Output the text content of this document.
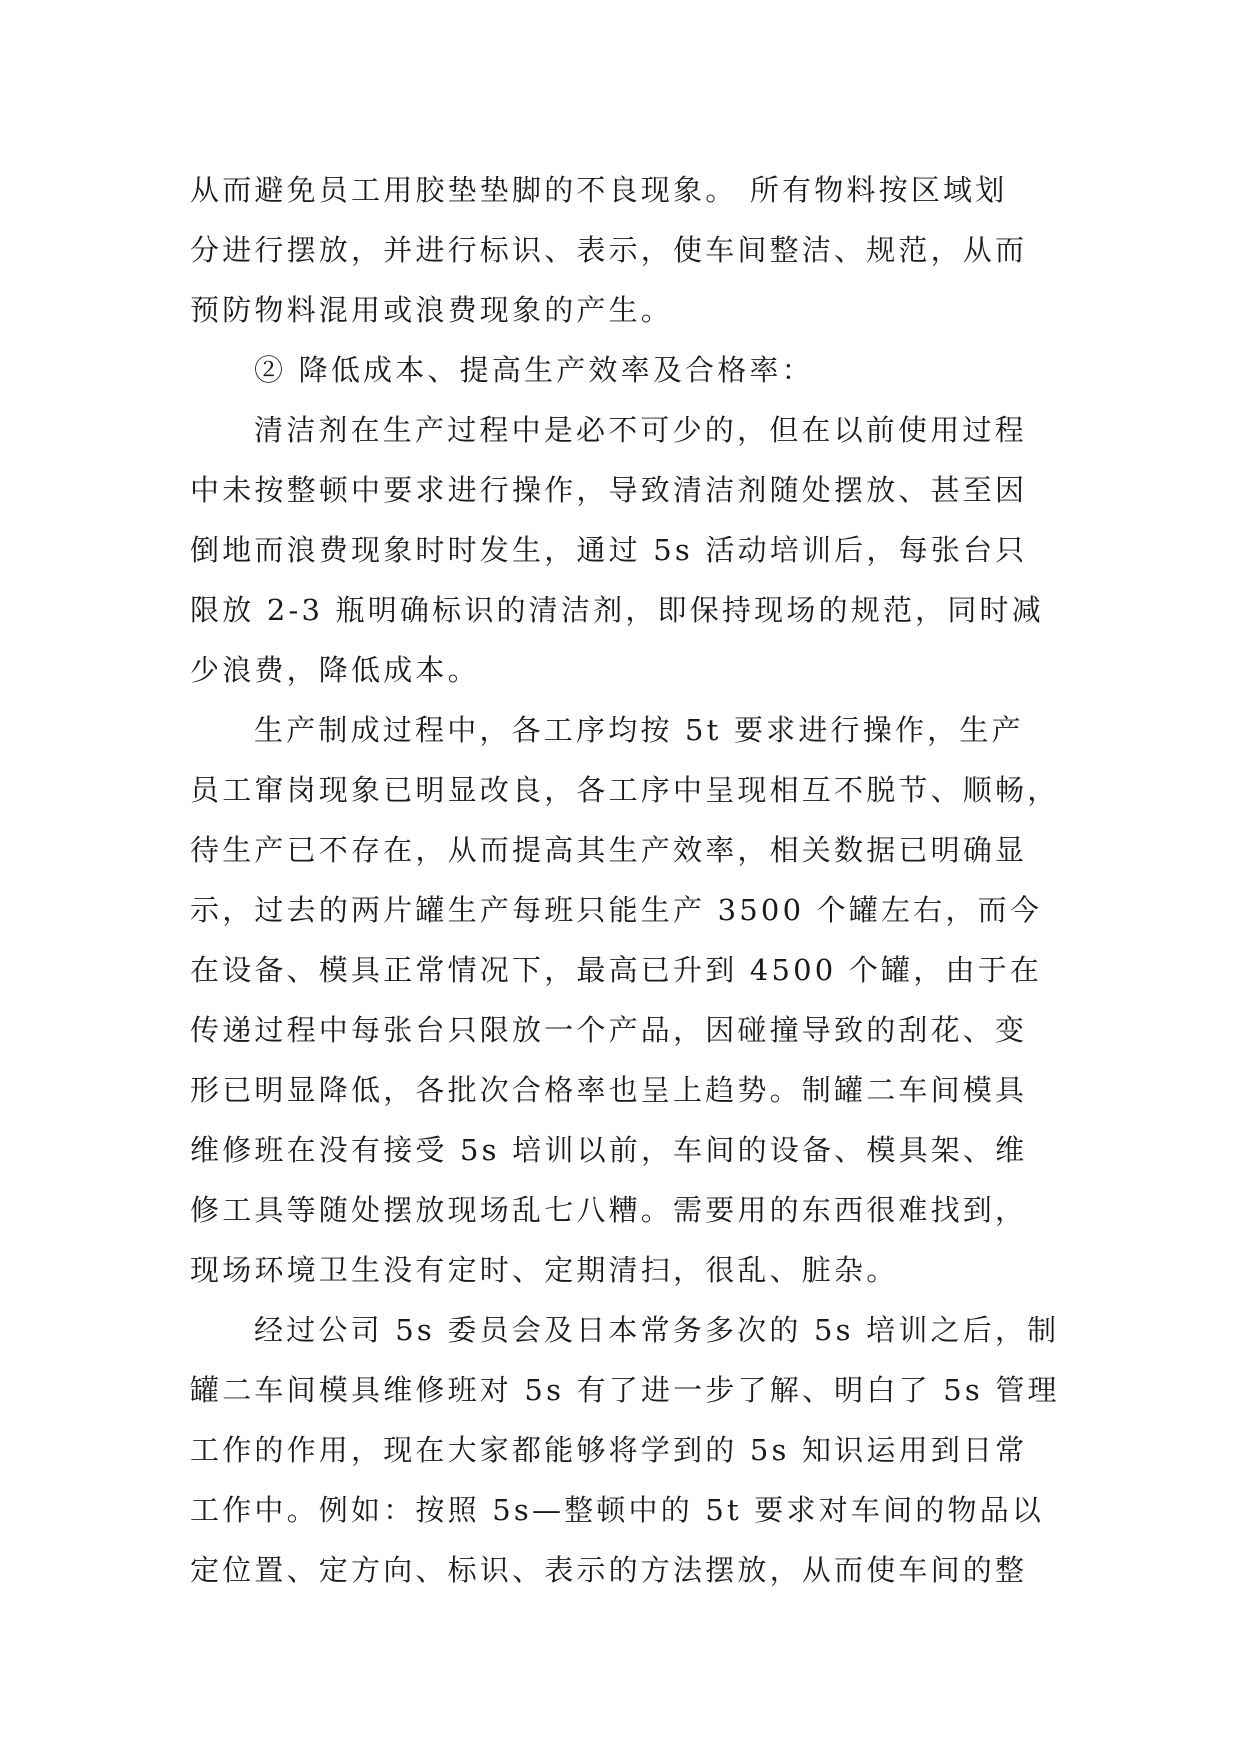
从而避免员工用胶垫垫脚的不良现象。 所有物料按区域划
分进行摆放，并进行标识、表示，使车间整洁、规范，从而
预防物料混用或浪费现象的产生。
② 降低成本、提高生产效率及合格率：
清洁剂在生产过程中是必不可少的，但在以前使用过程
中未按整顿中要求进行操作，导致清洁剂随处摆放、甚至因
倒地而浪费现象时时发生，通过 5s 活动培训后，每张台只
限放 2-3 瓶明确标识的清洁剂，即保持现场的规范，同时减
少浪费，降低成本。
生产制成过程中，各工序均按 5t 要求进行操作，生产
员工窜岗现象已明显改良，各工序中呈现相互不脱节、顺畅，
待生产已不存在，从而提高其生产效率，相关数据已明确显
示，过去的两片罐生产每班只能生产 3500 个罐左右，而今
在设备、模具正常情况下，最高已升到 4500 个罐，由于在
传递过程中每张台只限放一个产品，因碰撞导致的刮花、变
形已明显降低，各批次合格率也呈上趋势。制罐二车间模具
维修班在没有接受 5s 培训以前，车间的设备、模具架、维
修工具等随处摆放现场乱七八糟。需要用的东西很难找到，
现场环境卫生没有定时、定期清扫，很乱、脏杂。
经过公司 5s 委员会及日本常务多次的 5s 培训之后，制
罐二车间模具维修班对 5s 有了进一步了解、明白了 5s 管理
工作的作用，现在大家都能够将学到的 5s 知识运用到日常
工作中。例如：按照 5s—整顿中的 5t 要求对车间的物品以
定位置、定方向、标识、表示的方法摆放，从而使车间的整
